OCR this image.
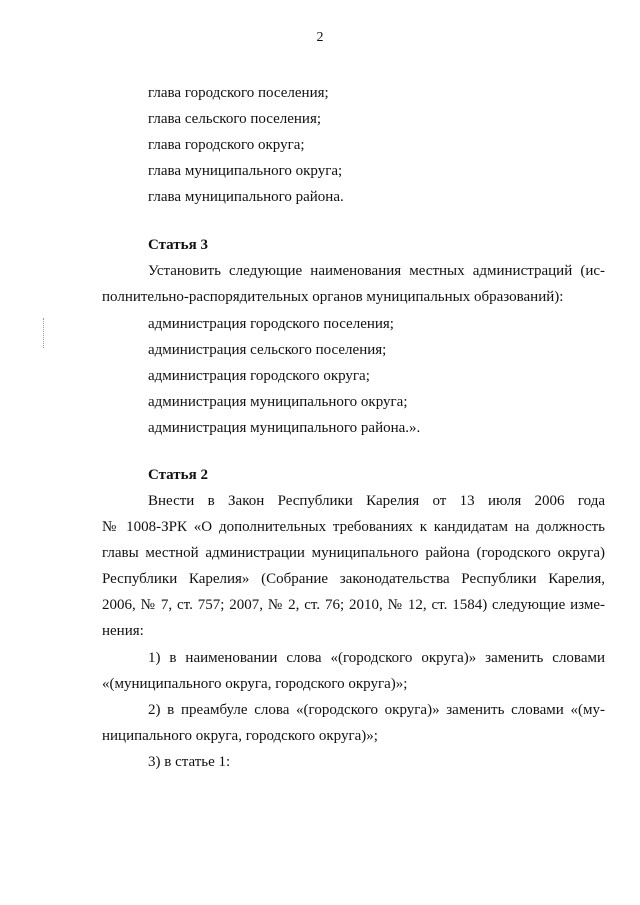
2
глава городского поселения;
глава сельского поселения;
глава городского округа;
глава муниципального округа;
глава муниципального района.
Статья 3
Установить следующие наименования местных администраций (ис-
полнительно-распорядительных органов муниципальных образований):
администрация городского поселения;
администрация сельского поселения;
администрация городского округа;
администрация муниципального округа;
администрация муниципального района.».
Статья 2
Внести в Закон Республики Карелия от 13 июля 2006 года
№ 1008-ЗРК «О дополнительных требованиях к кандидатам на должность
главы местной администрации муниципального района (городского округа)
Республики Карелия» (Собрание законодательства Республики Карелия,
2006, № 7, ст. 757; 2007, № 2, ст. 76; 2010, № 12, ст. 1584) следующие изме-
нения:
1) в наименовании слова «(городского округа)» заменить словами
«(муниципального округа, городского округа)»;
2) в преамбуле слова «(городского округа)» заменить словами «(му-
ниципального округа, городского округа)»;
3) в статье 1:
